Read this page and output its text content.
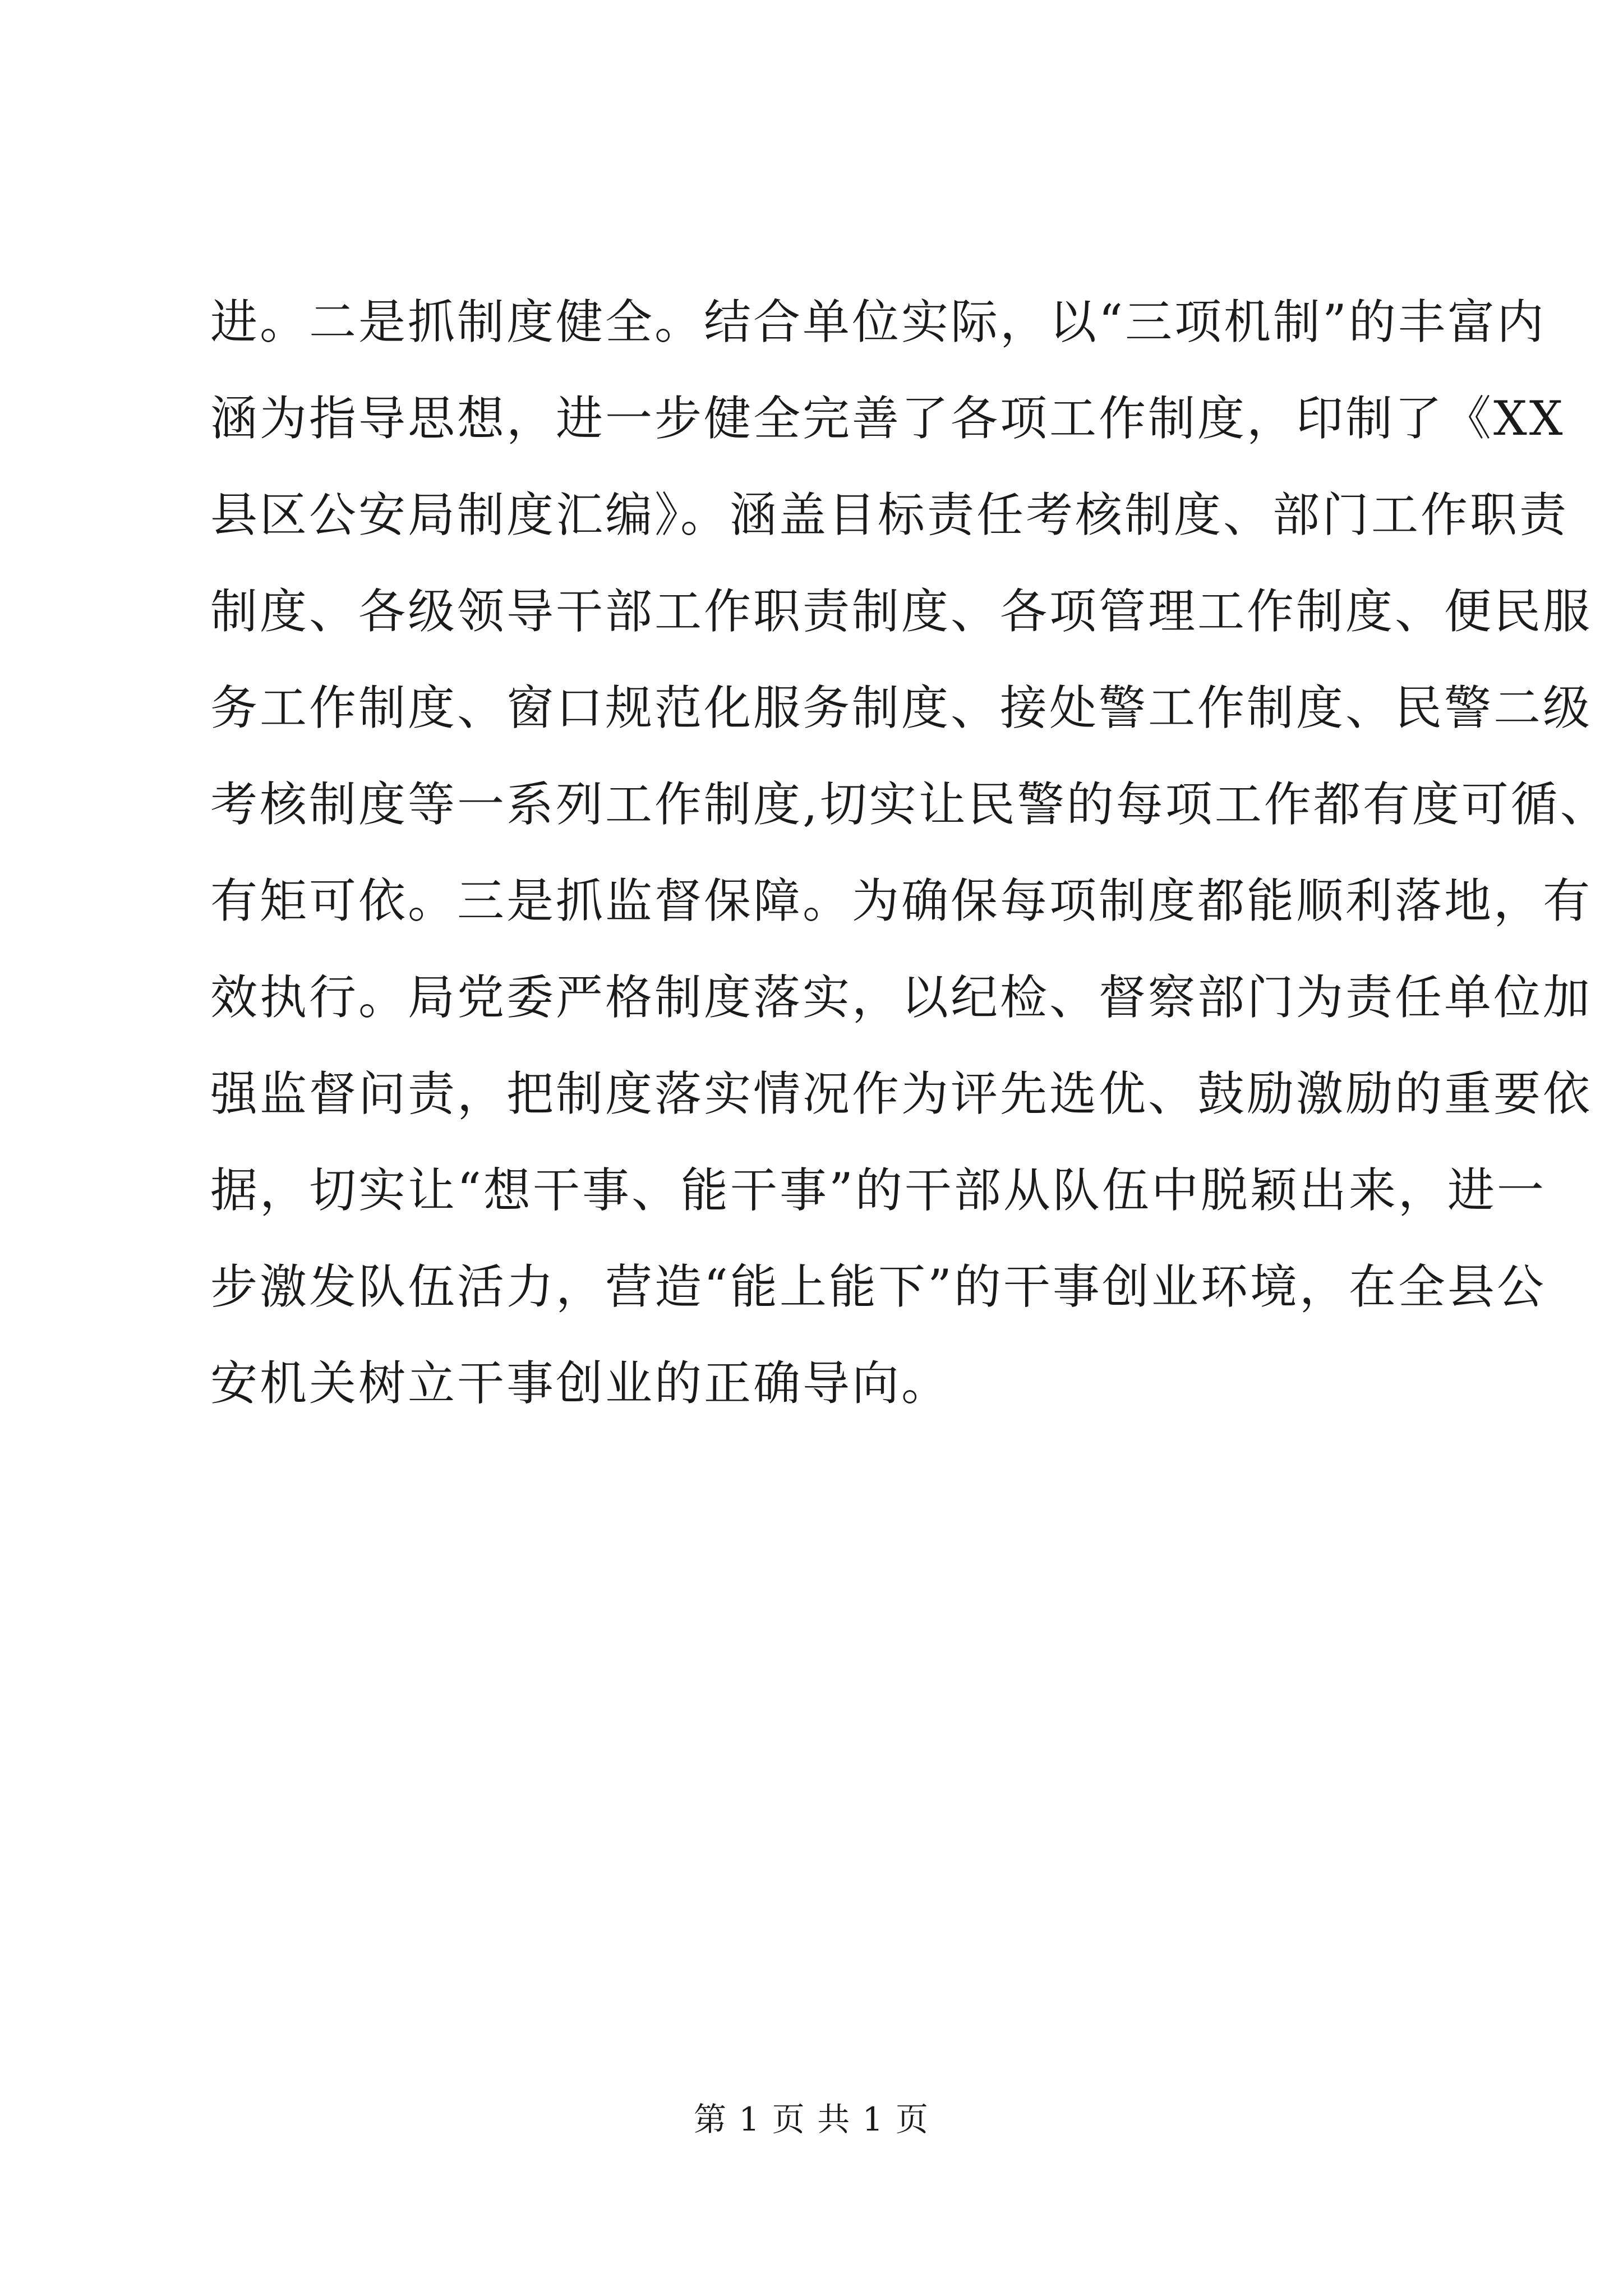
进。二是抓制度健全。结合单位实际，以“三项机制”的丰富内
涵为指导思想，进一步健全完善了各项工作制度，印制了《XX
县区公安局制度汇编》。涵盖目标责任考核制度、部门工作职责
制度、各级领导干部工作职责制度、各项管理工作制度、便民服
务工作制度、窗口规范化服务制度、接处警工作制度、民警二级
考核制度等一系列工作制度,切实让民警的每项工作都有度可循、
有矩可依。三是抓监督保障。为确保每项制度都能顺利落地，有
效执行。局党委严格制度落实，以纪检、督察部门为责任单位加
强监督问责，把制度落实情况作为评先选优、鼓励激励的重要依
据，切实让“想干事、能干事”的干部从队伍中脱颖出来，进一
步激发队伍活力，营造“能上能下”的干事创业环境，在全县公
安机关树立干事创业的正确导向。
第 1 页 共 1 页
